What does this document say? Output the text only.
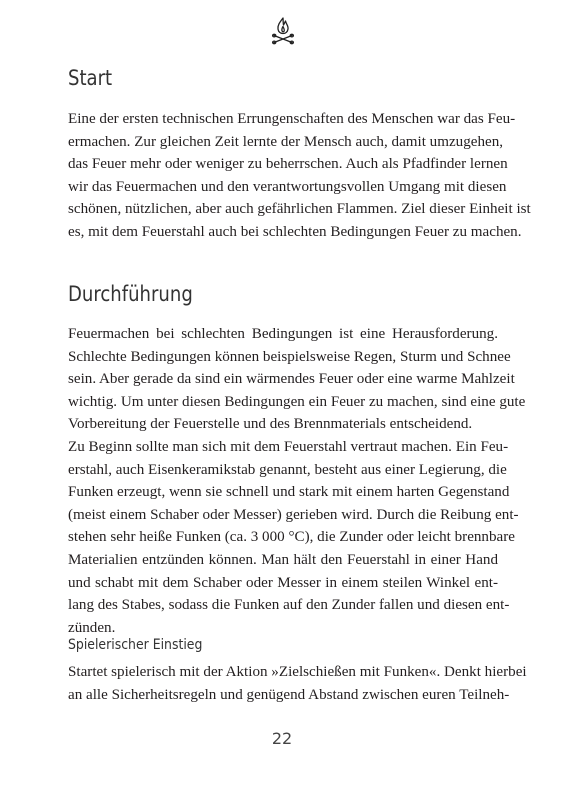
Start
Eine der ersten technischen Errungenschaften des Menschen war das Feu-
ermachen. Zur gleichen Zeit lernte der Mensch auch, damit umzugehen,
das Feuer mehr oder weniger zu beherrschen. Auch als Pfadfinder lernen
wir das Feuermachen und den verantwortungsvollen Umgang mit diesen
schönen, nützlichen, aber auch gefährlichen Flammen. Ziel dieser Einheit ist
es, mit dem Feuerstahl auch bei schlechten Bedingungen Feuer zu machen.
Durchführung
Feuermachen bei schlechten Bedingungen ist eine Herausforderung.
Schlechte Bedingungen können beispielsweise Regen, Sturm und Schnee
sein. Aber gerade da sind ein wärmendes Feuer oder eine warme Mahlzeit
wichtig. Um unter diesen Bedingungen ein Feuer zu machen, sind eine gute
Vorbereitung der Feuerstelle und des Brennmaterials entscheidend.
Zu Beginn sollte man sich mit dem Feuerstahl vertraut machen. Ein Feu-
erstahl, auch Eisenkeramikstab genannt, besteht aus einer Legierung, die
Funken erzeugt, wenn sie schnell und stark mit einem harten Gegenstand
(meist einem Schaber oder Messer) gerieben wird. Durch die Reibung ent-
stehen sehr heiße Funken (ca. 3 000 °C), die Zunder oder leicht brennbare
Materialien entzünden können. Man hält den Feuerstahl in einer Hand
und schabt mit dem Schaber oder Messer in einem steilen Winkel ent-
lang des Stabes, sodass die Funken auf den Zunder fallen und diesen ent-
zünden.
Spielerischer Einstieg
Startet spielerisch mit der Aktion »Zielschießen mit Funken«. Denkt hierbei
an alle Sicherheitsregeln und genügend Abstand zwischen euren Teilneh-
22
